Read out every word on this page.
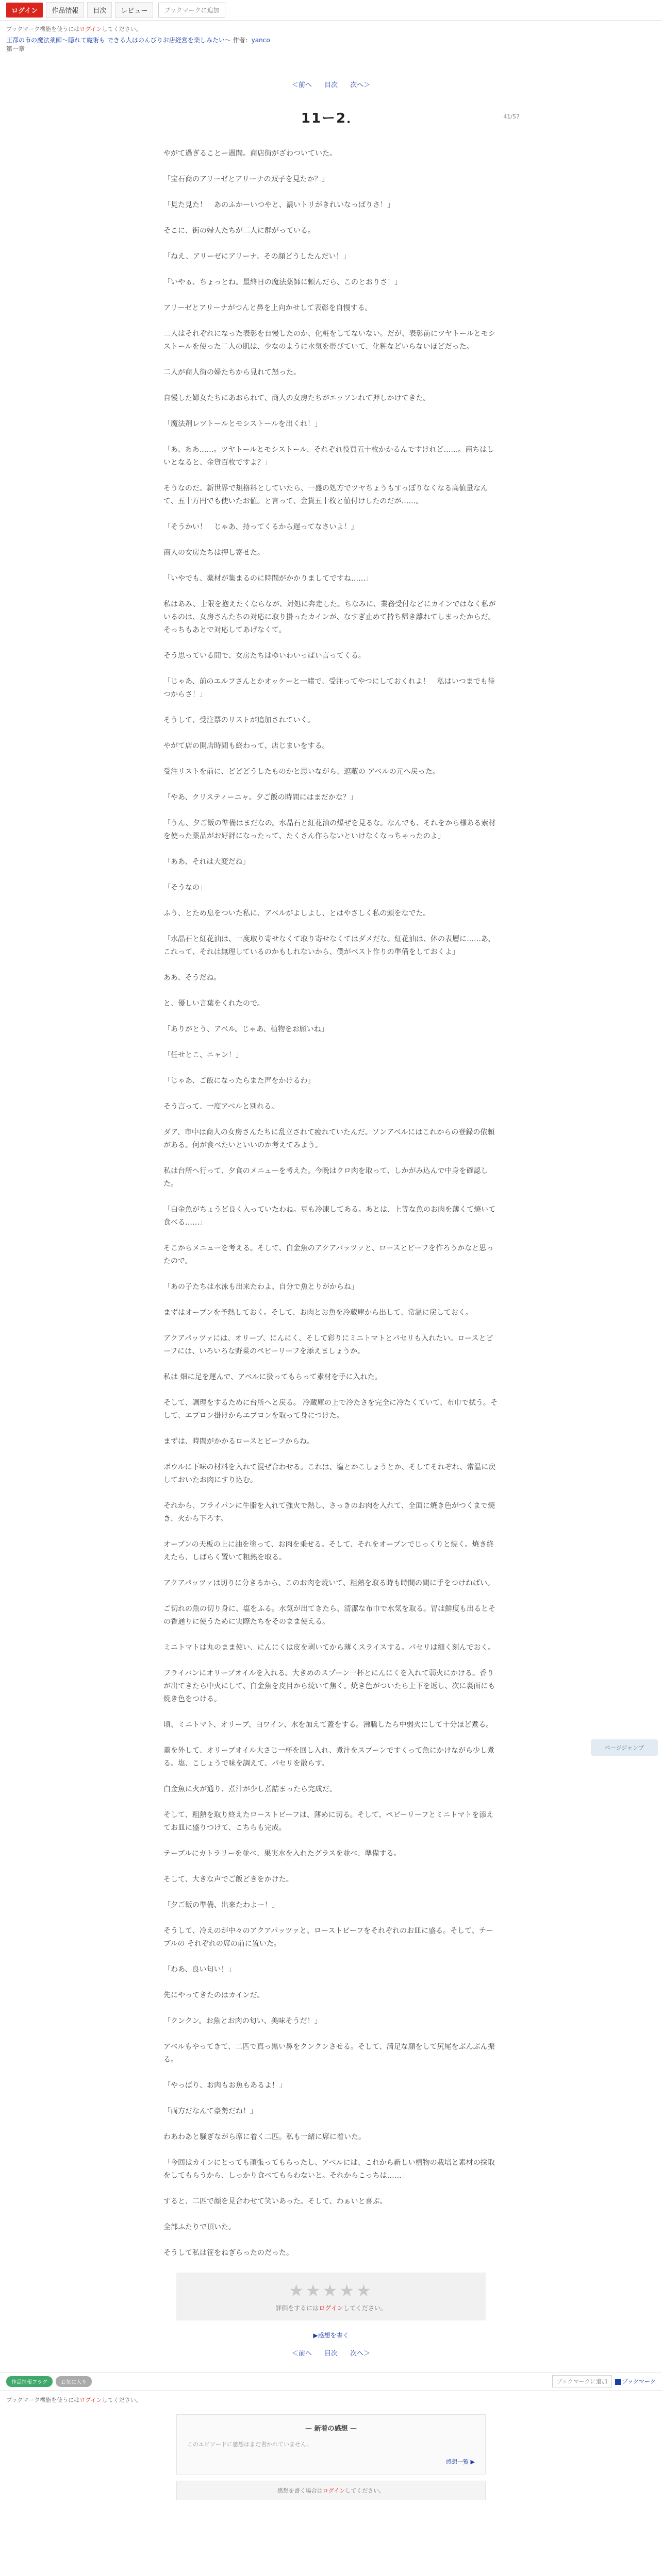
ログイン	作品情報	目次	レビュー	ブックマークに追加
ブックマーク機能を使うにはログインしてください。
王都の市の魔法薬師～隠れて魔術も できる人はのんびりお店経営を楽しみたい～ 作者：yanco
第一章
＜前へ 目次 次へ＞
41/57
11ー2．

やがて過ぎることー週間。商店街がざわついていた。

「宝石商のアリーゼとアリーナの双子を見たか？」

「見た見た！　あのふかーいつやと、濃いトリがきれいなっぱりさ！」

そこに、街の婦人たちが二人に群がっている。

「ねえ、アリーゼにアリーナ、その顔どうしたんだい！」

「いやぁ、ちょっとね。最終日の魔法薬師に頼んだら、このとおりさ！」

アリーゼとアリーナがつんと鼻を上向かせして表彰を自慢する。

二人はそれぞれになった表彰を自慢したのか、化粧をしてないない。だが、表彰前にツヤトールとモシストールを使った二人の肌は、少なのように水気を帯びていて、化粧などいらないほどだった。

二人が商人街の婦たちから見れて怒った。

自慢した婦女たちにあおられて、商人の女房たちがエッソンれて押しかけてきた。

「魔法剤レツトールとモシストールを出くれ！」

「あ、ああ……。ツヤトールとモシストール、それぞれ役買五十枚かかるんですけれど……。商ちはしいとなると、金貨百枚ですよ？」

そうなのだ。新世界で規格料としていたら、一盛の処方でツヤちょうもすっぽりなくなる高値量なんて、五十万円でも使いたお値。と言って、金貨五十枚と値付けしたのだが……。

「そうかい！　じゃあ、持ってくるから遅ってなさいよ！」

商人の女房たちは押し寄せた。

「いやでも、薬材が集まるのに時間がかかりましてですね……」

私はあみ、士限を抱えたくならなが、対処に奔走した。ちなみに、業務受付などにカインではなく私がいるのは、女房さんたちの対応に取り掛ったカインが、なすぎ止めて持ち帰き離れてしまったからだ。そっちもあとで対応してあげなくて。

そう思っている間で、女房たちはゆいわいっぱい言ってくる。

「じゃあ、前のエルフさんとかオッケーと一緒で、受注ってやつにしておくれよ！　私はいつまでも待つからさ！」

そうして、受注票のリストが追加されていく。

やがて店の開店時間も終わって、店じまいをする。

受注リストを前に、どどどうしたものかと思いながら、遮蔽の アベルの元へ戻った。

「やあ、クリスティーニャ。夕ご飯の時間にはまだかな？」

「うん、夕ご飯の準備はまだなの。水晶石と紅花油の爆ぜを見るな。なんでも、それをから様ある素材を使った薬品がお好評になったって、たくさん作らないといけなくなっちゃったのよ」

「ああ、それは大変だね」

「そうなの」

ふう、とため息をついた私に、アベルがよしよし、とはやさしく私の頭をなでた。

「水晶石と紅花油は、一度取り寄せなくて取り寄せなくてはダメだな。紅花油は、体の表層に……あ、これって、それは無理しているのかもしれないから、僕がベスト作りの準備をしておくよ」

ああ、そうだね。

と、優しい言葉をくれたので。

「ありがとう、アベル。じゃあ、植物をお願いね」

「任せとこ、ニャン！」

「じゃあ、ご飯になったらまた声をかけるわ」

そう言って、一度アベルと別れる。

ダア、市中は商人の女房さんたちに乱立されて疲れていたんだ。ソンアベルにはこれからの登録の依頼がある。何が食べたいといいのか考えてみよう。

私は台所へ行って、夕食のメニューを考えた。今晩はクロ肉を取って、しかがみ込んで中身を確認した。

「白金魚がちょうど良く入っていたわね。豆も冷凍してある。あとは、上等な魚のお肉を薄くて焼いて食べる……」

そこからメニューを考える。そして、白金魚のアクアパッツァと、ロースとビーフを作ろうかなと思ったので。

「あの子たちは水泳も出来たわよ、自分で魚とりがからね」

まずはオーブンを予熱しておく。そして、お肉とお魚を冷蔵庫から出して、常温に戻しておく。

アクアパッツァには、オリーブ、にんにく、そして彩りにミニトマトとパセリも入れたい。ロースとビーフには、いろいろな野菜のペピーリーフを添えましょうか。

私は 畑に足を運んで、アベルに扱ってもらって素材を手に入れた。

そして、調理をするために台所へと戻る。 冷蔵庫の上で冷たさを完全に冷たくていて、布巾で拭う。そして、エプロン掛けからエプロンを取って身につけた。

まずは、時間がかかるロースとビーフからね。

ボウルに下味の材料を入れて混ぜ合わせる。これは、塩とかこしょうとか、そしてそれぞれ、常温に戻しておいたお肉にすり込む。

それから、フライパンに牛脂を入れて強火で熱し、さっきのお肉を入れて、全面に焼き色がつくまで焼き、火から下ろす。

オーブンの天板の上に油を塗って、お肉を乗せる。そして、それをオーブンでじっくりと焼く。焼き終えたら、しばらく置いて粗熱を取る。

アクアパッツァは切りに分きるから、このお肉を焼いて、粗熱を取る時も時間の間に手をつけねばい。

ご切れの魚の切り身に、塩をふる。水気が出てきたら、清潔な布巾で水気を取る。胃は鮮度も出るとその香通りに使うために実際たちをそのまま使える。

ミニトマトは丸のまま使い、にんにくは皮を剥いてから薄くスライスする。パセリは細く刻んでおく。

フライパンにオリーブオイルを入れる。大きめのスプーン一杯とにんにくを入れて弱火にかける。香りが出てきたら中火にして、白金魚を皮目から焼いて焦く。焼き色がついたら上下を返し、次に裏面にも焼き色をつける。

頃、ミニトマト、オリーブ、白ワイン、水を加えて蓋をする。沸騰したら中弱火にして十分ほど煮る。

蓋を外して、オリーブオイル大さじ一杯を回し入れ、煮汁をスプーンですくって魚にかけながら少し煮る。塩、こしょうで味を調えて、パセリを散らす。

白金魚に火が通り、煮汁が少し煮詰まったら完成だ。

そして、粗熱を取り終えたローストビーフは、薄めに切る。そして、ペピーリーフとミニトマトを添えてお皿に盛りつけて、こちらも完成。

テーブルにカトラリーを並べ、果実水を入れたグラスを並べ、準備する。

そして、大きな声でご飯どきをかけた。

「夕ご飯の準備、出来たわよー！」

そうして、冷えのが中々のアクアパッツァと、ローストビーフをそれぞれのお皿に盛る。そして、テーブルの それぞれの席の前に置いた。

「わあ、良い匂い！」

先にやってきたのはカインだ。

「クンクン。お魚とお肉の匂い、美味そうだ！」

アベルもやってきて、二匹で真っ黒い鼻をクンクンさせる。そして、満足な顔をして尻尾をぶんぶん振る。

「やっぱり、お肉もお魚もあるよ！」

「両方だなんて豪勢だね！」

わあわあと騒ぎながら席に着く二匹。私も一緒に席に着いた。

「今回はカインにとっても頑張ってもらったし、アベルには、これから新しい植物の栽培と素材の採取をしてもらうから、しっかり食べてもらわないと。それからこっちは……」

すると、二匹で顔を見合わせて笑いあった。そして、わぁいと喜ぶ。

全部ふたりで頂いた。

そうして私は笹をねぎらったのだった。

ページジャンプ
★★★★★
評価をするにはログインしてください。
▶感想を書く
＜前へ 目次 次へ＞
作品情報フラグ	お気に入り	ブックマークに追加	ブックマーク
ブックマーク機能を使うにはログインしてください。
— 新着の感想 —
このエピソードに感想はまだ書かれていません。
感想一覧 ▶
感想を書く場合はログインしてください。
